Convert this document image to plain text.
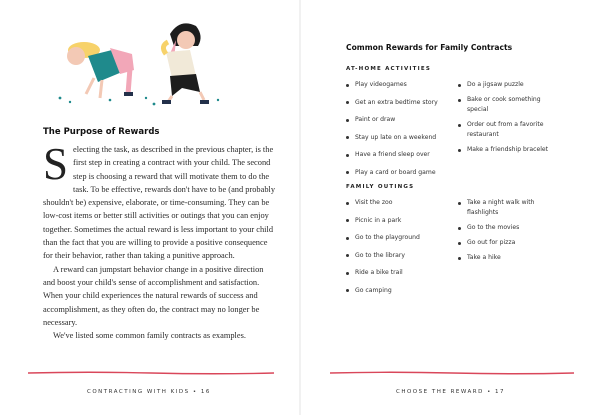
The Purpose of Rewards

Selecting the task, as described in the previous chapter, is the first step in creating a contract with your child. The second step is choosing a reward that will motivate them to do the task. To be effective, rewards don't have to be (and probably shouldn't be) expensive, elaborate, or time-consuming. They can be low-cost items or better still activities or outings that you can enjoy together. Sometimes the actual reward is less important to your child than the fact that you are willing to provide a positive consequence for their behavior, rather than taking a punitive approach.

A reward can jumpstart behavior change in a positive direction and boost your child's sense of accomplishment and satisfaction. When your child experiences the natural rewards of success and accomplishment, as they often do, the contract may no longer be necessary.

We've listed some common family contracts as examples.

CONTRACTING WITH KIDS • 16
Common Rewards for Family Contracts
AT-HOME ACTIVITIES
Play videogames
Get an extra bedtime story
Paint or draw
Stay up late on a weekend
Have a friend sleep over
Play a card or board game
Do a jigsaw puzzle
Bake or cook something special
Order out from a favorite restaurant
Make a friendship bracelet
FAMILY OUTINGS
Visit the zoo
Picnic in a park
Go to the playground
Go to the library
Ride a bike trail
Go camping
Take a night walk with flashlights
Go to the movies
Go out for pizza
Take a hike
CHOOSE THE REWARD • 17
